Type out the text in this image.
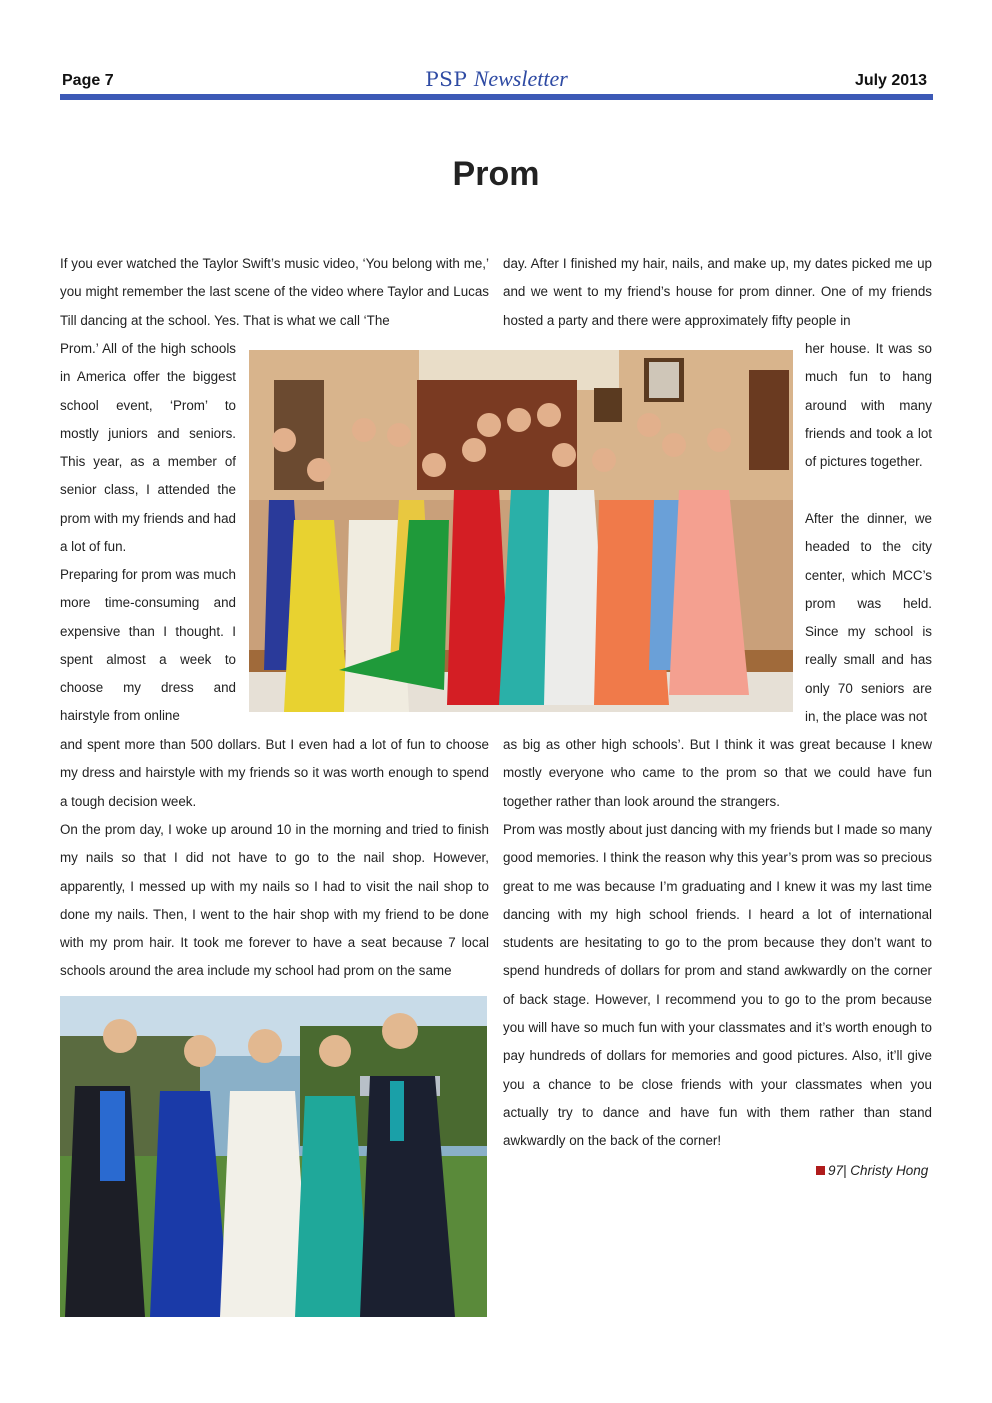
Page 7	PSP Newsletter	July 2013
Prom

If you ever watched the Taylor Swift’s music video, ‘You belong with me,’ you might remember the last scene of the video where Taylor and Lucas Till dancing at the school. Yes. That is what we call ‘The

Prom.’ All of the high schools in America offer the biggest school event, ‘Prom’ to mostly juniors and seniors. This year, as a member of senior class, I attended the prom with my friends and had a lot of fun.

Preparing for prom was much more time-consuming and expensive than I thought. I spent almost a week to choose my dress and hairstyle from online

and spent more than 500 dollars. But I even had a lot of fun to choose my dress and hairstyle with my friends so it was worth enough to spend a tough decision week.

On the prom day, I woke up around 10 in the morning and tried to finish my nails so that I did not have to go to the nail shop. However, apparently, I messed up with my nails so I had to visit the nail shop to done my nails. Then, I went to the hair shop with my friend to be done with my prom hair. It took me forever to have a seat because 7 local schools around the area include my school had prom on the same

day. After I finished my hair, nails, and make up, my dates picked me up and we went to my friend’s house for prom dinner. One of my friends hosted a party and there were approximately fifty people in

her house. It was so much fun to hang around with many friends and took a lot of pictures together.

After the dinner, we headed to the city center, which MCC’s prom was held. Since my school is really small and has only 70 seniors are in, the place was not

as big as other high schools’. But I think it was great because I knew mostly everyone who came to the prom so that we could have fun together rather than look around the strangers.

Prom was mostly about just dancing with my friends but I made so many good memories. I think the reason why this year’s prom was so precious great to me was because I’m graduating and I knew it was my last time dancing with my high school friends. I heard a lot of international students are hesitating to go to the prom because they don’t want to spend hundreds of dollars for prom and stand awkwardly on the corner of back stage. However, I recommend you to go to the prom because you will have so much fun with your classmates and it’s worth enough to pay hundreds of dollars for memories and good pictures. Also, it’ll give you a chance to be close friends with your classmates when you actually try to dance and have fun with them rather than stand awkwardly on the back of the corner!

97| Christy Hong
